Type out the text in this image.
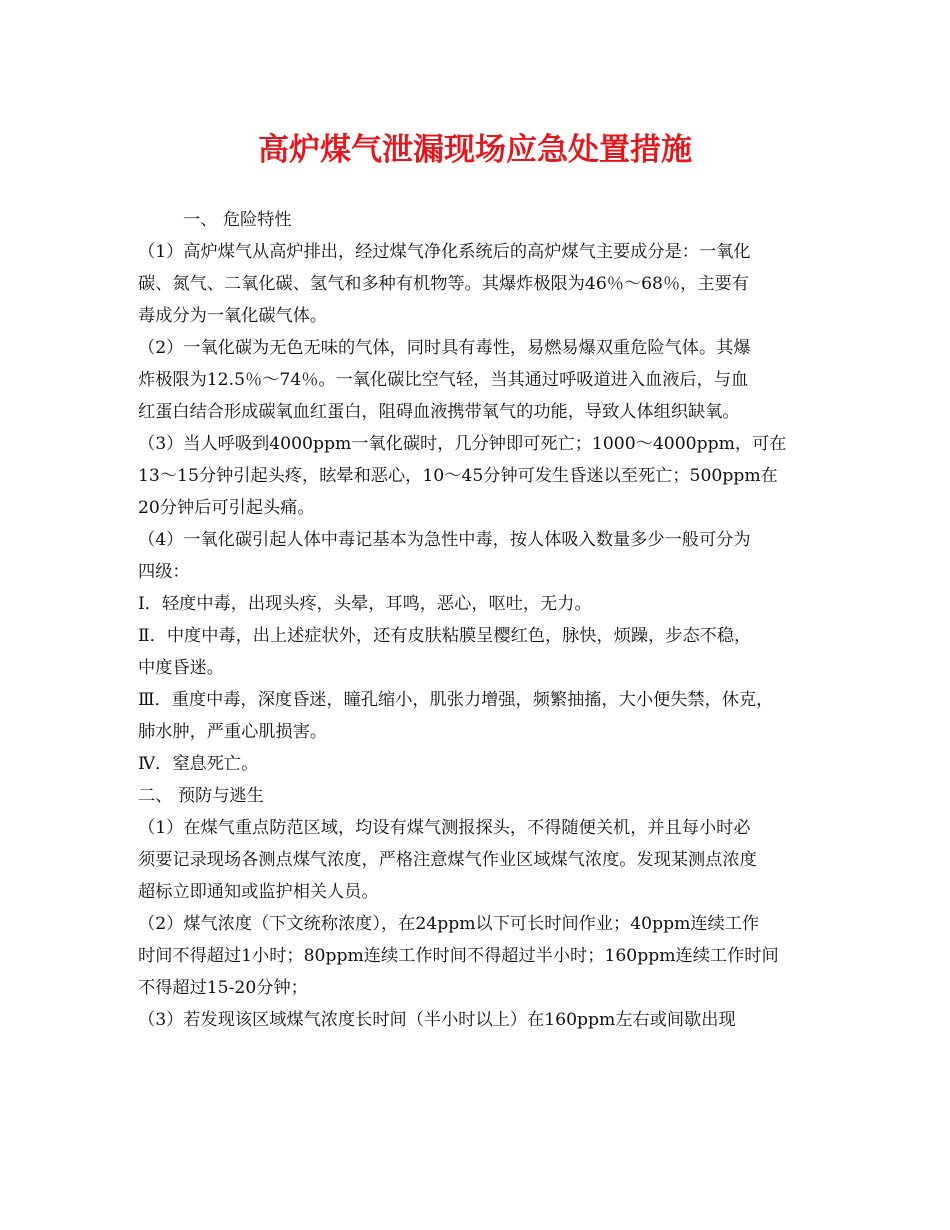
高炉煤气泄漏现场应急处置措施
一、 危险特性
（1）高炉煤气从高炉排出，经过煤气净化系统后的高炉煤气主要成分是：一氧化
碳、氮气、二氧化碳、氢气和多种有机物等。其爆炸极限为46％～68％，主要有
毒成分为一氧化碳气体。
（2）一氧化碳为无色无味的气体，同时具有毒性，易燃易爆双重危险气体。其爆
炸极限为12.5％～74％。一氧化碳比空气轻，当其通过呼吸道进入血液后，与血
红蛋白结合形成碳氧血红蛋白，阻碍血液携带氧气的功能，导致人体组织缺氧。
（3）当人呼吸到4000ppm一氧化碳时，几分钟即可死亡；1000～4000ppm，可在
13～15分钟引起头疼，眩晕和恶心，10～45分钟可发生昏迷以至死亡；500ppm在
20分钟后可引起头痛。
（4）一氧化碳引起人体中毒记基本为急性中毒，按人体吸入数量多少一般可分为
四级：
Ⅰ．轻度中毒，出现头疼，头晕，耳鸣，恶心，呕吐，无力。
Ⅱ．中度中毒，出上述症状外，还有皮肤粘膜呈樱红色，脉快，烦躁，步态不稳，
中度昏迷。
Ⅲ．重度中毒，深度昏迷，瞳孔缩小，肌张力增强，频繁抽搐，大小便失禁，休克，
肺水肿，严重心肌损害。
Ⅳ．窒息死亡。
二、 预防与逃生
（1）在煤气重点防范区域，均设有煤气测报探头，不得随便关机，并且每小时必
须要记录现场各测点煤气浓度，严格注意煤气作业区域煤气浓度。发现某测点浓度
超标立即通知或监护相关人员。
（2）煤气浓度（下文统称浓度），在24ppm以下可长时间作业；40ppm连续工作
时间不得超过1小时；80ppm连续工作时间不得超过半小时；160ppm连续工作时间
不得超过15-20分钟；
（3）若发现该区域煤气浓度长时间（半小时以上）在160ppm左右或间歇出现
